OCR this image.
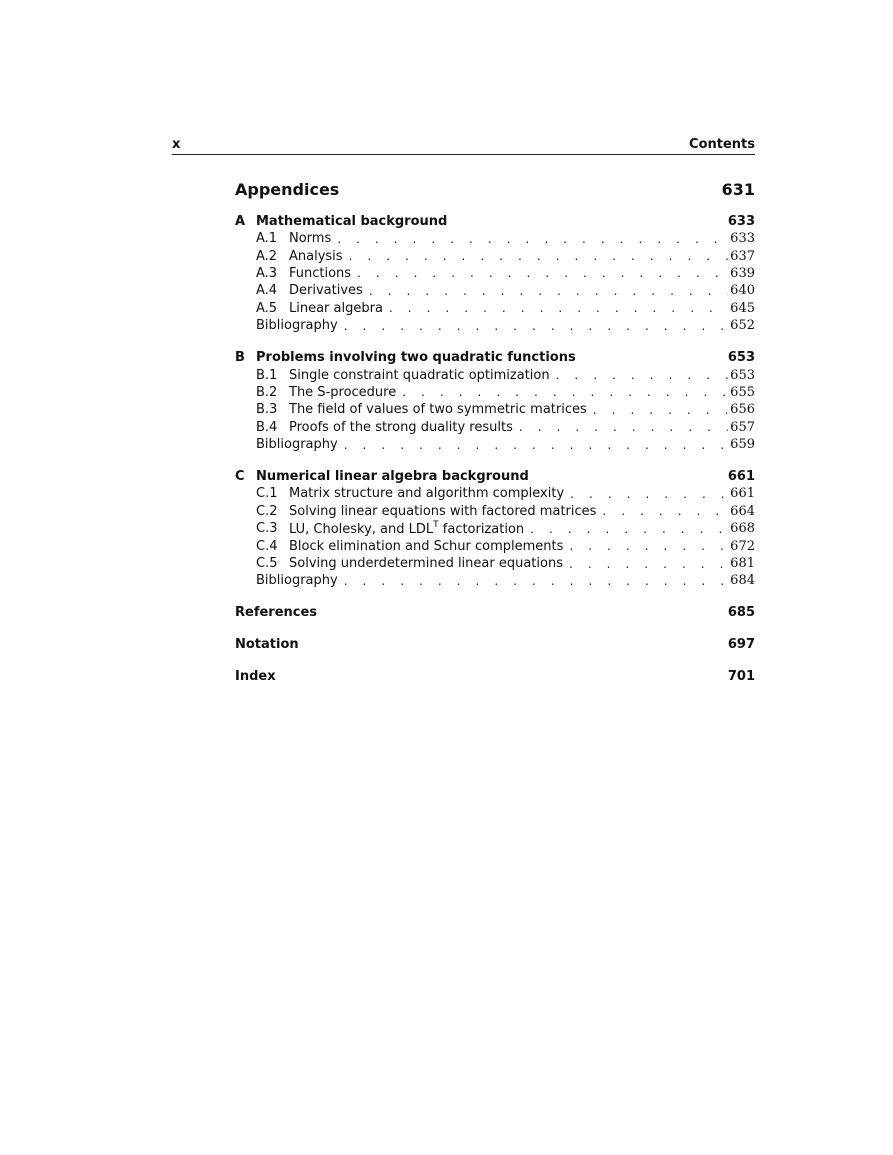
x	Contents
Appendices	631
A Mathematical background	633
A.1 Norms . . .	633
A.2 Analysis . . .	637
A.3 Functions . . .	639
A.4 Derivatives . . .	640
A.5 Linear algebra . . .	645
Bibliography . . .	652
B Problems involving two quadratic functions	653
B.1 Single constraint quadratic optimization . . .	653
B.2 The S-procedure . . .	655
B.3 The field of values of two symmetric matrices . . .	656
B.4 Proofs of the strong duality results . . .	657
Bibliography . . .	659
C Numerical linear algebra background	661
C.1 Matrix structure and algorithm complexity . . .	661
C.2 Solving linear equations with factored matrices . . .	664
C.3 LU, Cholesky, and $LDL^T$ factorization . . .	668
C.4 Block elimination and Schur complements . . .	672
C.5 Solving underdetermined linear equations . . .	681
Bibliography . . .	684
References	685
Notation	697
Index	701
